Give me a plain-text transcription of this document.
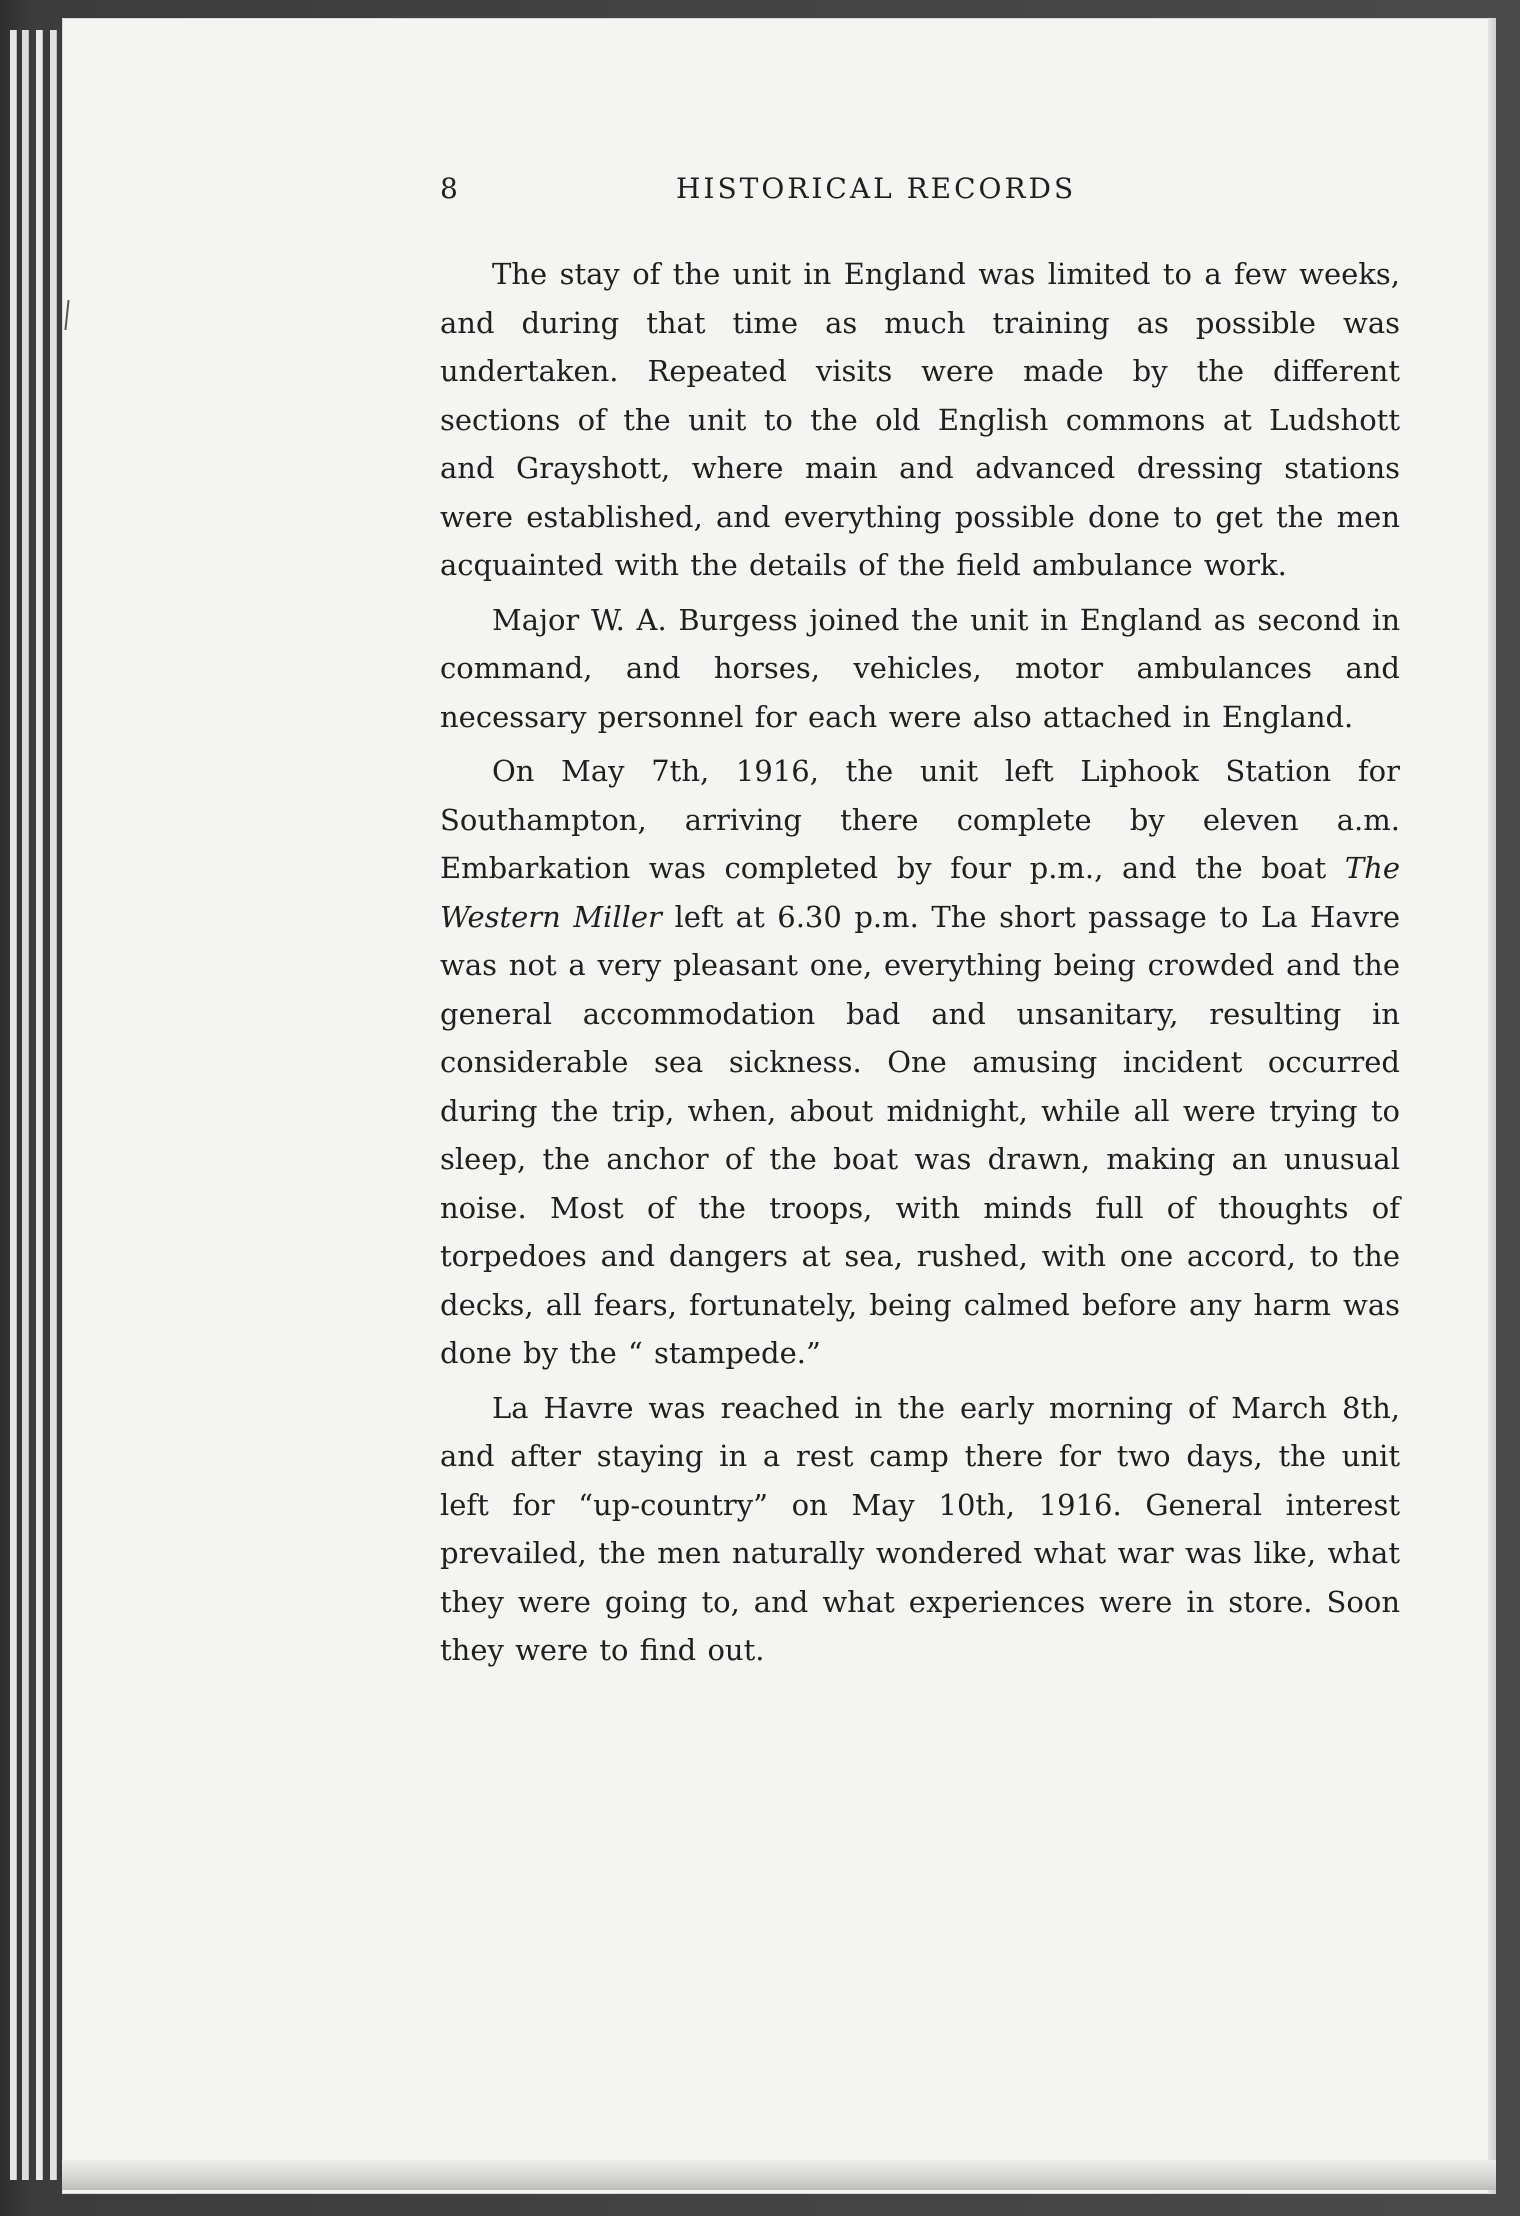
8	HISTORICAL RECORDS

The stay of the unit in England was limited to a few weeks, and during that time as much training as possible was undertaken. Repeated visits were made by the different sections of the unit to the old English commons at Ludshott and Grayshott, where main and advanced dressing stations were established, and everything possible done to get the men acquainted with the details of the field ambulance work.

Major W. A. Burgess joined the unit in England as second in command, and horses, vehicles, motor ambulances and necessary personnel for each were also attached in England.

On May 7th, 1916, the unit left Liphook Station for Southampton, arriving there complete by eleven a.m. Embarkation was completed by four p.m., and the boat The Western Miller left at 6.30 p.m. The short passage to La Havre was not a very pleasant one, everything being crowded and the general accommodation bad and unsanitary, resulting in considerable sea sickness. One amusing incident occurred during the trip, when, about midnight, while all were trying to sleep, the anchor of the boat was drawn, making an unusual noise. Most of the troops, with minds full of thoughts of torpedoes and dangers at sea, rushed, with one accord, to the decks, all fears, fortunately, being calmed before any harm was done by the “ stampede.”

La Havre was reached in the early morning of March 8th, and after staying in a rest camp there for two days, the unit left for “up-country” on May 10th, 1916. General interest prevailed, the men naturally wondered what war was like, what they were going to, and what experiences were in store. Soon they were to find out.
